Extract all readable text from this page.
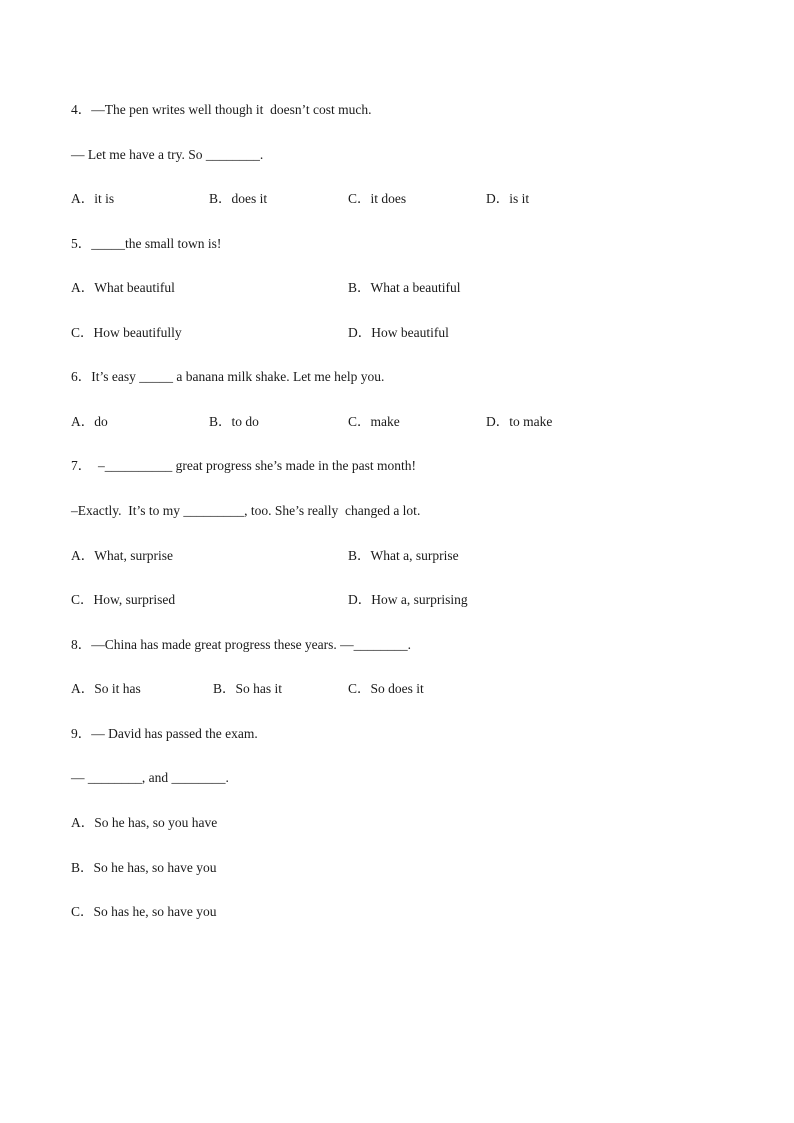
4．—The pen writes well though it  doesn’t cost much.
— Let me have a try. So ________.
A．it is	B．does it	C．it does	D．is it
5．_____the small town is!
A．What beautiful	B．What a beautiful
C．How beautifully	D．How beautiful
6．It’s easy _____ a banana milk shake. Let me help you.
A．do	B．to do	C．make	D．to make
7．  –__________ great progress she’s made in the past month!
–Exactly.  It’s to my _________, too. She’s really  changed a lot.
A．What, surprise	B．What a, surprise
C．How, surprised	D．How a, surprising
8．—China has made great progress these years. —________.
A．So it has	B．So has it	C．So does it
9．— David has passed the exam.
— ________, and ________.
A．So he has, so you have
B．So he has, so have you
C．So has he, so have you
